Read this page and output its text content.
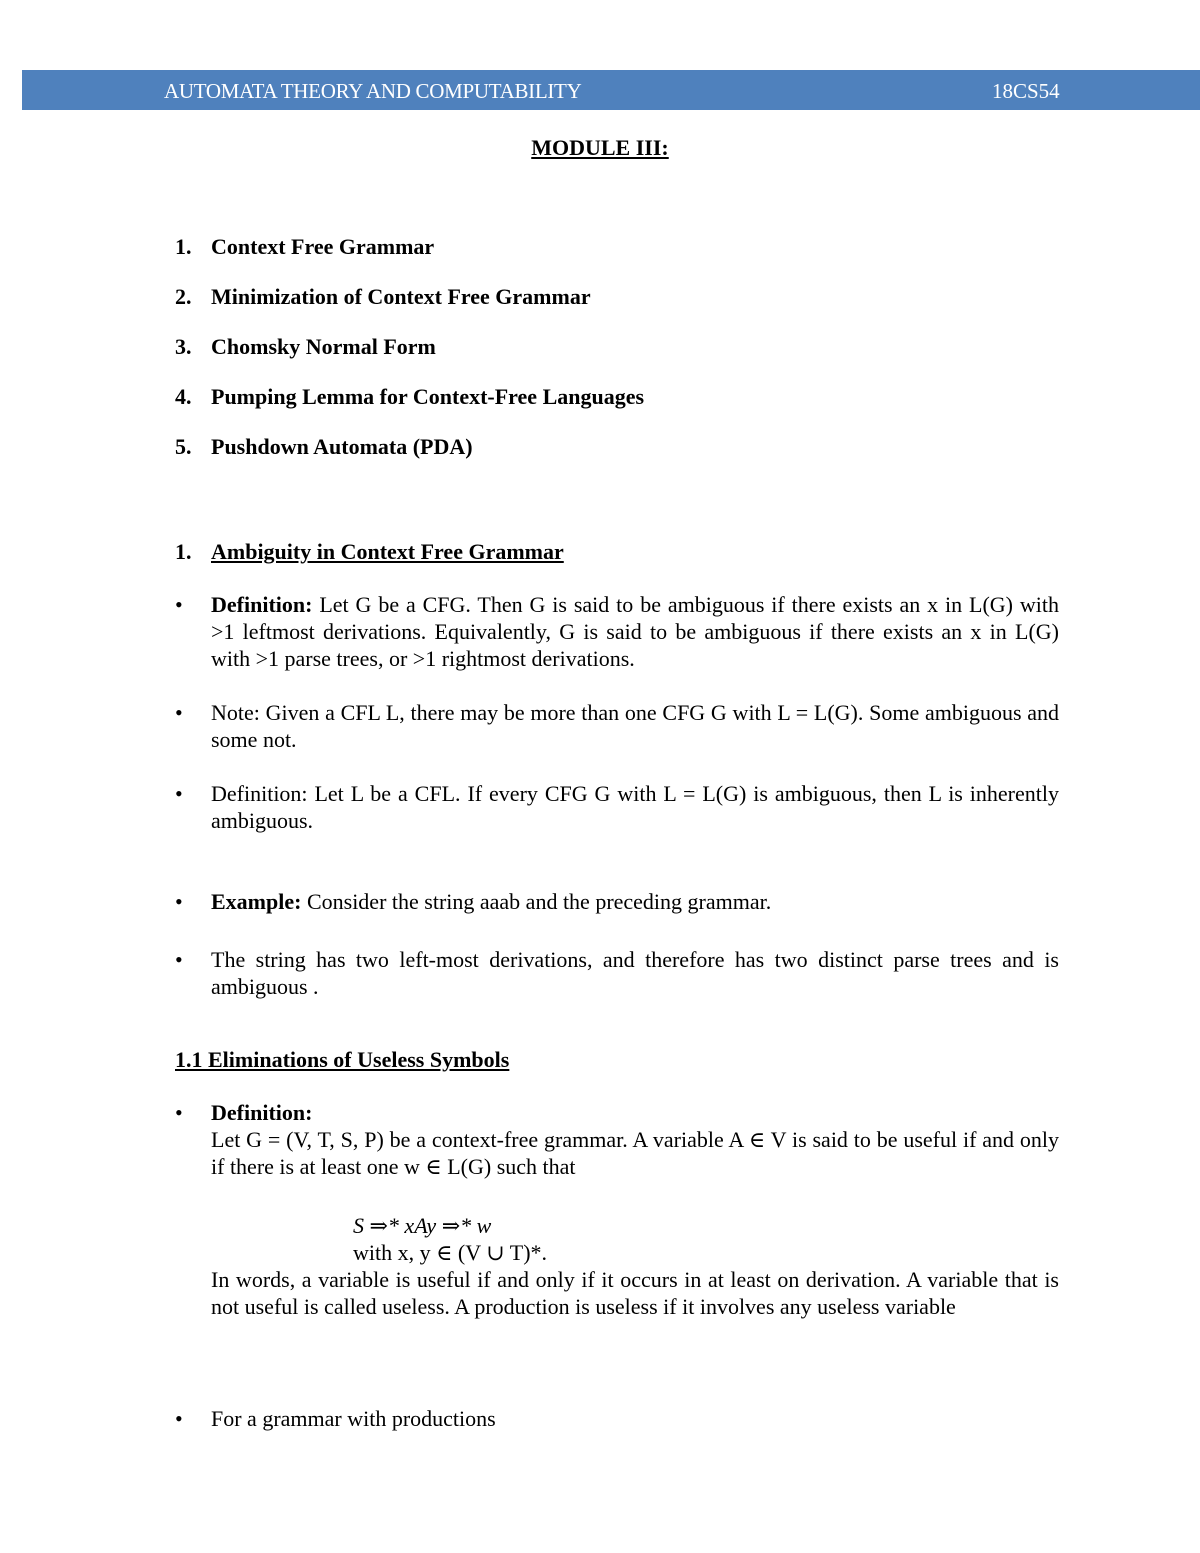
AUTOMATA THEORY AND COMPUTABILITY	18CS54
MODULE III:
1. Context Free Grammar
2. Minimization of Context Free Grammar
3. Chomsky Normal Form
4. Pumping Lemma for Context-Free Languages
5. Pushdown Automata (PDA)
1. Ambiguity in Context Free Grammar
•	Definition: Let G be a CFG. Then G is said to be ambiguous if there exists an x in L(G) with >1 leftmost derivations. Equivalently, G is said to be ambiguous if there exists an x in L(G) with >1 parse trees, or >1 rightmost derivations.
•	Note: Given a CFL L, there may be more than one CFG G with L = L(G). Some ambiguous and some not.
•	Definition: Let L be a CFL. If every CFG G with L = L(G) is ambiguous, then L is inherently ambiguous.
•	Example: Consider the string aaab and the preceding grammar.
•	The string has two left-most derivations, and therefore has two distinct parse trees and is ambiguous .
1.1 Eliminations of Useless Symbols
•	Definition:

Let G = (V, T, S, P) be a context-free grammar. A variable A ∈ V is said to be useful if and only if there is at least one w ∈ L(G) such that

S ⇒* xAy ⇒* w
with x, y ∈ (V ∪ T)*.

In words, a variable is useful if and only if it occurs in at least on derivation. A variable that is not useful is called useless. A production is useless if it involves any useless variable

•	For a grammar with productions
